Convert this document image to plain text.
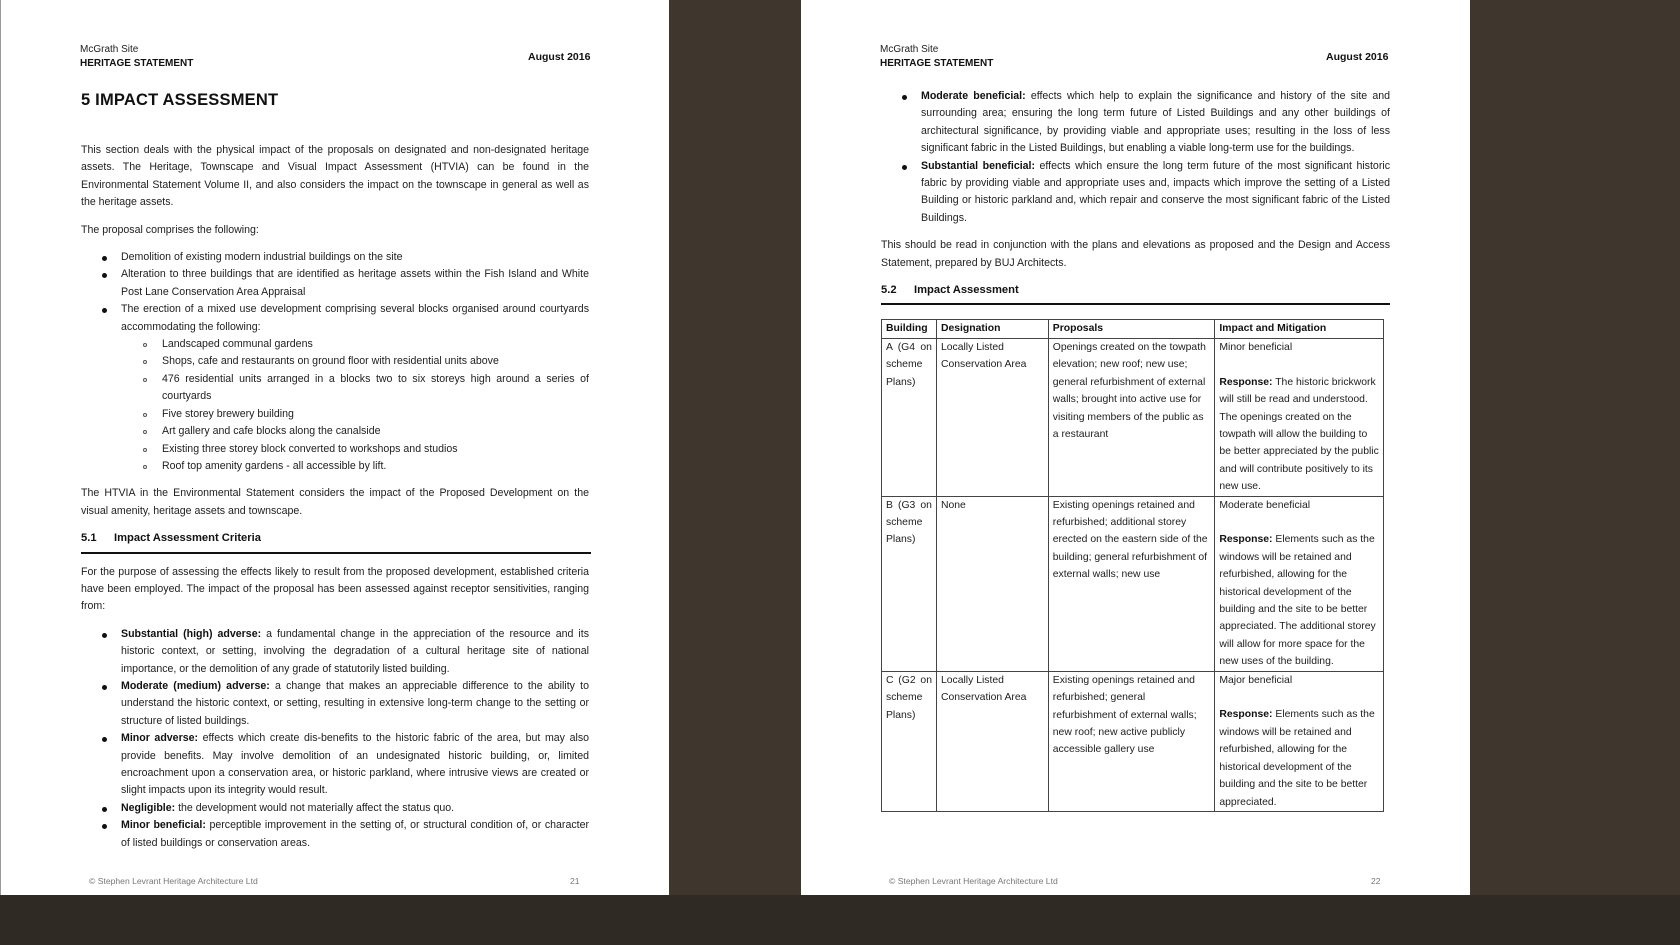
McGrath Site
HERITAGE STATEMENT
August 2016
5 IMPACT ASSESSMENT

This section deals with the physical impact of the proposals on designated and non-designated heritage assets. The Heritage, Townscape and Visual Impact Assessment (HTVIA) can be found in the Environmental Statement Volume II, and also considers the impact on the townscape in general as well as the heritage assets.

The proposal comprises the following:

Demolition of existing modern industrial buildings on the site
Alteration to three buildings that are identified as heritage assets within the Fish Island and White Post Lane Conservation Area Appraisal
The erection of a mixed use development comprising several blocks organised around courtyards accommodating the following:
Landscaped communal gardens
Shops, cafe and restaurants on ground floor with residential units above
476 residential units arranged in a blocks two to six storeys high around a series of courtyards
Five storey brewery building
Art gallery and cafe blocks along the canalside
Existing three storey block converted to workshops and studios
Roof top amenity gardens - all accessible by lift.

The HTVIA in the Environmental Statement considers the impact of the Proposed Development on the visual amenity, heritage assets and townscape.

5.1 Impact Assessment Criteria

For the purpose of assessing the effects likely to result from the proposed development, established criteria have been employed. The impact of the proposal has been assessed against receptor sensitivities, ranging from:

Substantial (high) adverse: a fundamental change in the appreciation of the resource and its historic context, or setting, involving the degradation of a cultural heritage site of national importance, or the demolition of any grade of statutorily listed building.
Moderate (medium) adverse: a change that makes an appreciable difference to the ability to understand the historic context, or setting, resulting in extensive long-term change to the setting or structure of listed buildings.
Minor adverse: effects which create dis-benefits to the historic fabric of the area, but may also provide benefits. May involve demolition of an undesignated historic building, or, limited encroachment upon a conservation area, or historic parkland, where intrusive views are created or slight impacts upon its integrity would result.
Negligible: the development would not materially affect the status quo.
Minor beneficial: perceptible improvement in the setting of, or structural condition of, or character of listed buildings or conservation areas.
© Stephen Levrant Heritage Architecture Ltd	21
McGrath Site
HERITAGE STATEMENT
August 2016
Moderate beneficial: effects which help to explain the significance and history of the site and surrounding area; ensuring the long term future of Listed Buildings and any other buildings of architectural significance, by providing viable and appropriate uses; resulting in the loss of less significant fabric in the Listed Buildings, but enabling a viable long-term use for the buildings.
Substantial beneficial: effects which ensure the long term future of the most significant historic fabric by providing viable and appropriate uses and, impacts which improve the setting of a Listed Building or historic parkland and, which repair and conserve the most significant fabric of the Listed Buildings.

This should be read in conjunction with the plans and elevations as proposed and the Design and Access Statement, prepared by BUJ Architects.

5.2 Impact Assessment
Building	Designation	Proposals	Impact and Mitigation
A (G4 on scheme Plans)	Locally Listed Conservation Area	Openings created on the towpath elevation; new roof; new use; general refurbishment of external walls; brought into active use for visiting members of the public as a restaurant	Minor beneficial
Response: The historic brickwork will still be read and understood. The openings created on the towpath will allow the building to be better appreciated by the public and will contribute positively to its new use.

B (G3 on scheme Plans)	None	Existing openings retained and refurbished; additional storey erected on the eastern side of the building; general refurbishment of external walls; new use	Moderate beneficial
Response: Elements such as the windows will be retained and refurbished, allowing for the historical development of the building and the site to be better appreciated. The additional storey will allow for more space for the new uses of the building.

C (G2 on scheme Plans)	Locally Listed Conservation Area	Existing openings retained and refurbished; general refurbishment of external walls; new roof; new active publicly accessible gallery use	Major beneficial
Response: Elements such as the windows will be retained and refurbished, allowing for the historical development of the building and the site to be better appreciated.
© Stephen Levrant Heritage Architecture Ltd	22
